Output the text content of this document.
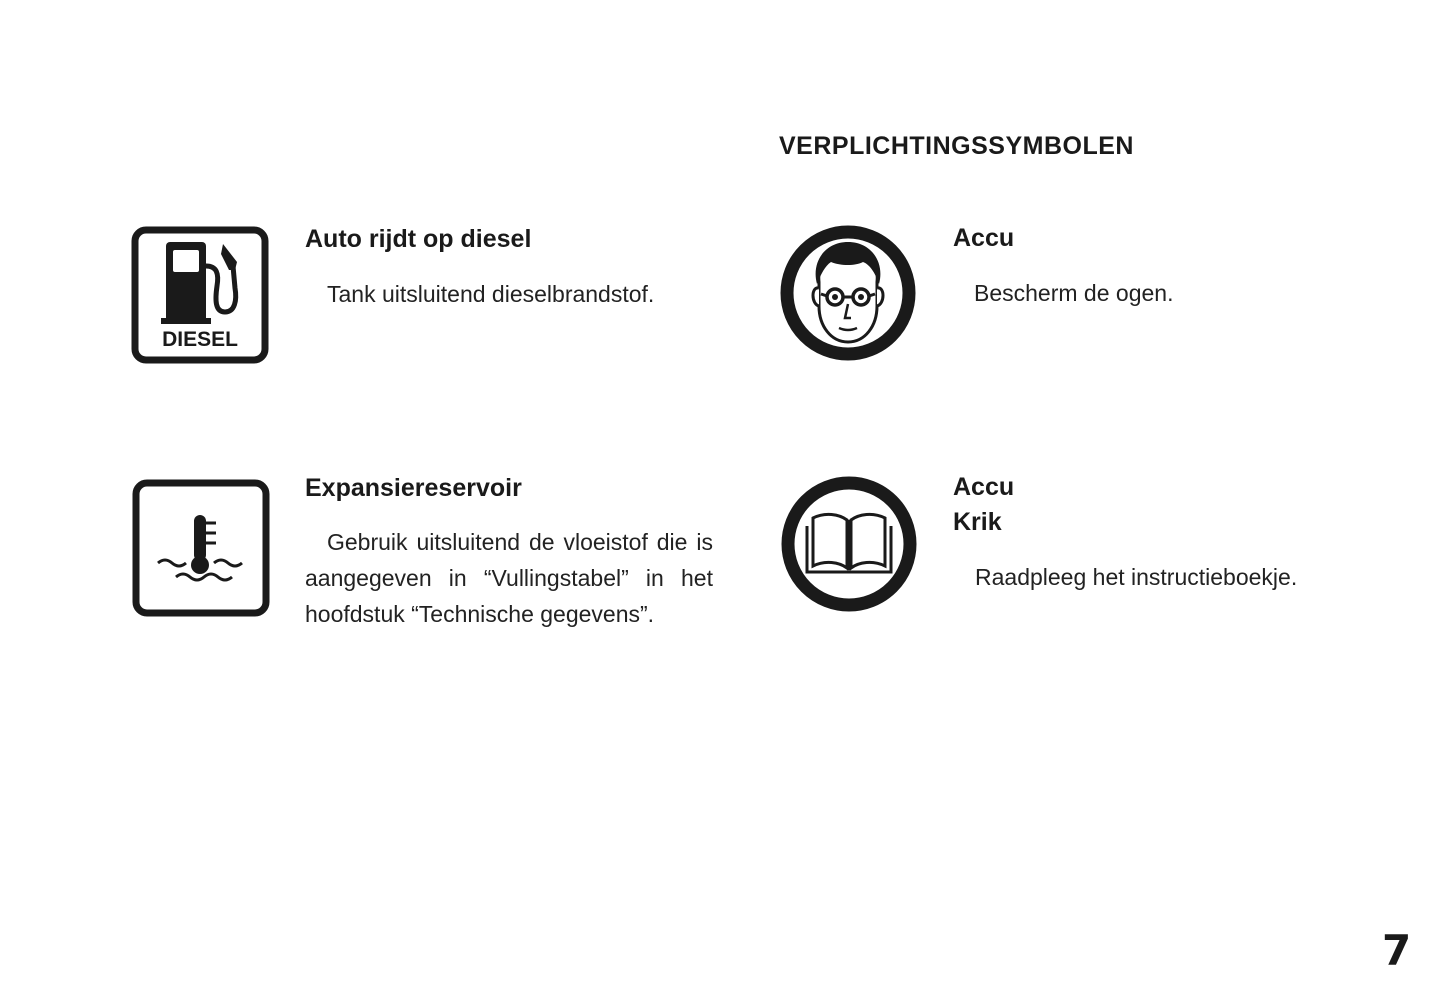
VERPLICHTINGSSYMBOLEN
DIESEL
Auto rijdt op diesel
Tank uitsluitend dieselbrandstof.
Expansiereservoir
Gebruik uitsluitend de vloeistof die is aangegeven in “Vullingstabel” in het hoofdstuk “Technische gegevens”.
Accu
Bescherm de ogen.
Accu
Krik
Raadpleeg het instructieboekje.
7
